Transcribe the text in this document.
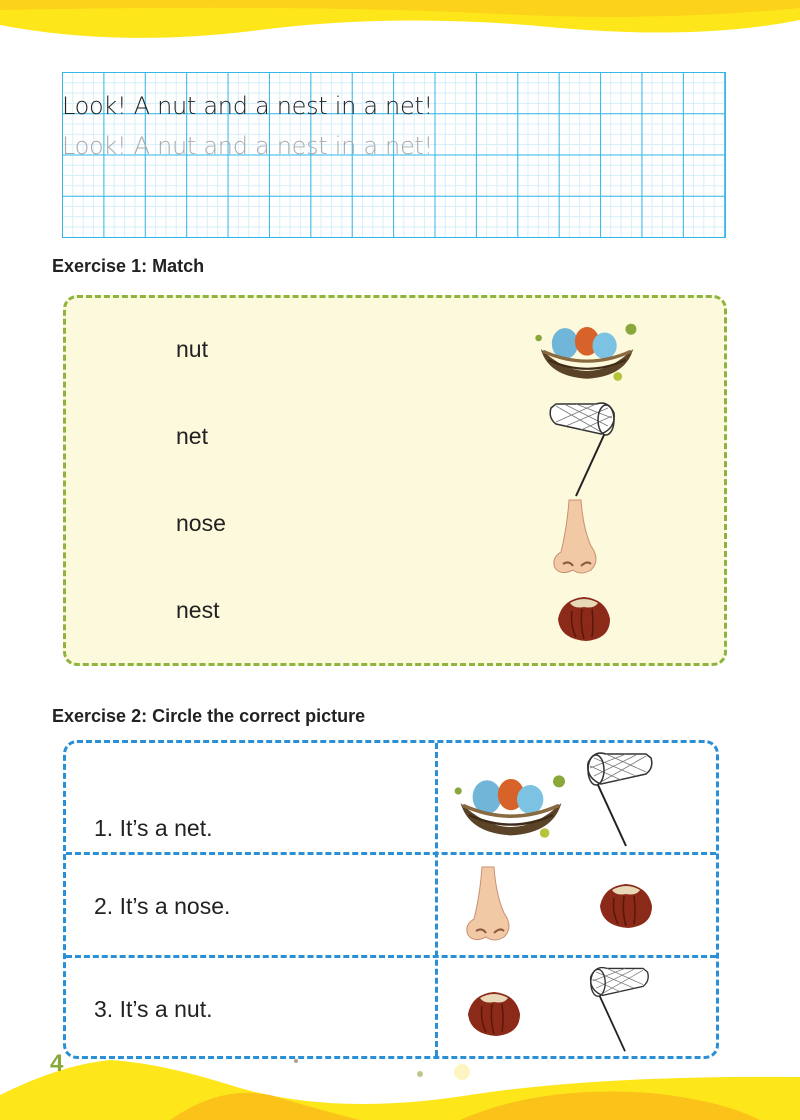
Look! A nut and a nest in a net!
Look! A nut and a nest in a net!
Exercise 1: Match
nut
net
nose
nest
Exercise 2: Circle the correct picture
1. It’s a net.
2. It’s a nose.
3. It’s a nut.
4
